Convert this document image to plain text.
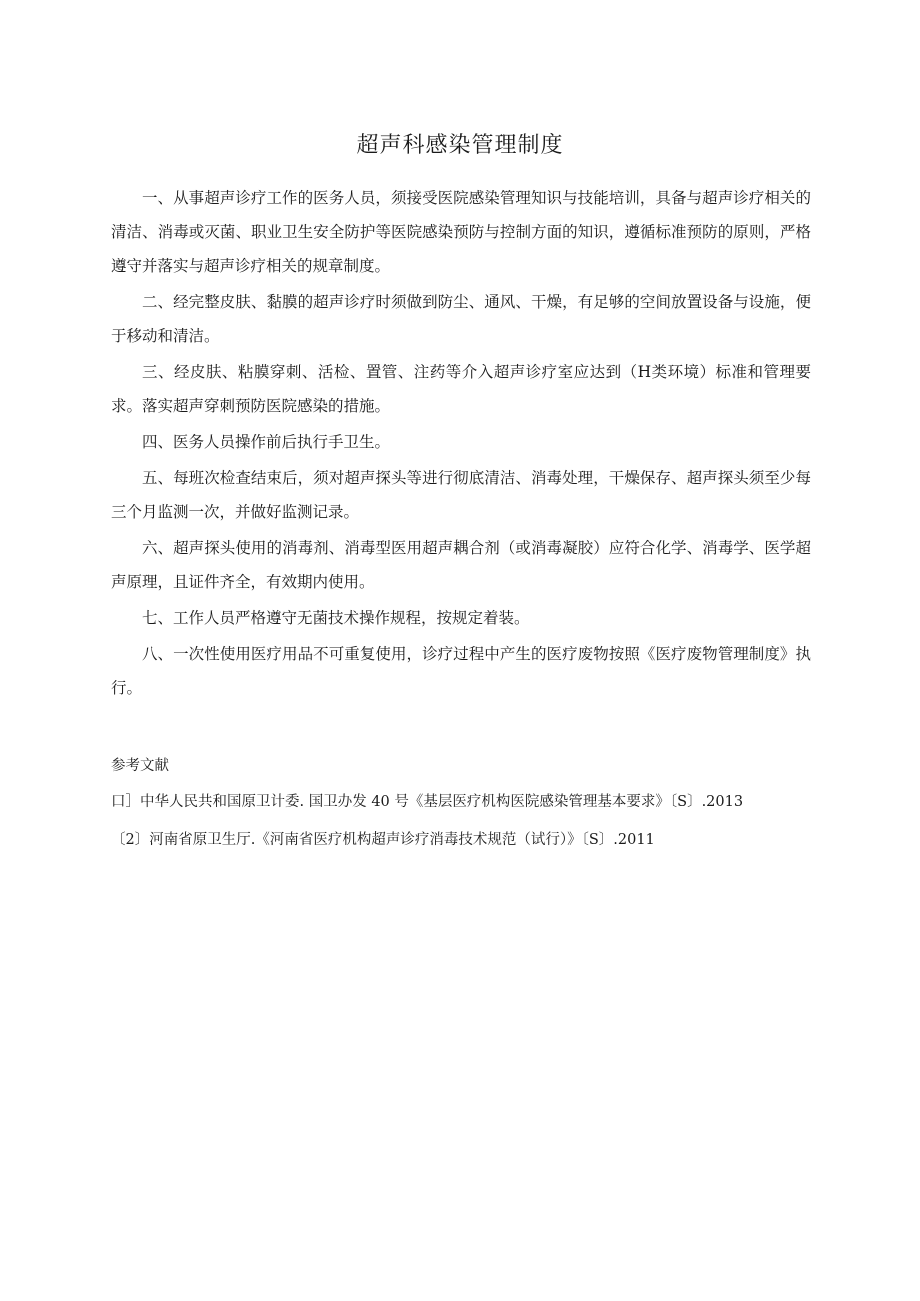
超声科感染管理制度

一、从事超声诊疗工作的医务人员，须接受医院感染管理知识与技能培训，具备与超声诊疗相关的清洁、消毒或灭菌、职业卫生安全防护等医院感染预防与控制方面的知识，遵循标准预防的原则，严格遵守并落实与超声诊疗相关的规章制度。

二、经完整皮肤、黏膜的超声诊疗时须做到防尘、通风、干燥，有足够的空间放置设备与设施，便于移动和清洁。

三、经皮肤、粘膜穿刺、活检、置管、注药等介入超声诊疗室应达到（H类环境）标准和管理要求。落实超声穿刺预防医院感染的措施。

四、医务人员操作前后执行手卫生。

五、每班次检查结束后，须对超声探头等进行彻底清洁、消毒处理，干燥保存、超声探头须至少每三个月监测一次，并做好监测记录。

六、超声探头使用的消毒剂、消毒型医用超声耦合剂（或消毒凝胶）应符合化学、消毒学、医学超声原理，且证件齐全，有效期内使用。

七、工作人员严格遵守无菌技术操作规程，按规定着装。

八、一次性使用医疗用品不可重复使用，诊疗过程中产生的医疗废物按照《医疗废物管理制度》执行。

参考文献
口］中华人民共和国原卫计委. 国卫办发 40 号《基层医疗机构医院感染管理基本要求》〔S〕.2013
〔2〕河南省原卫生厅.《河南省医疗机构超声诊疗消毒技术规范（试行）》〔S〕.2011
